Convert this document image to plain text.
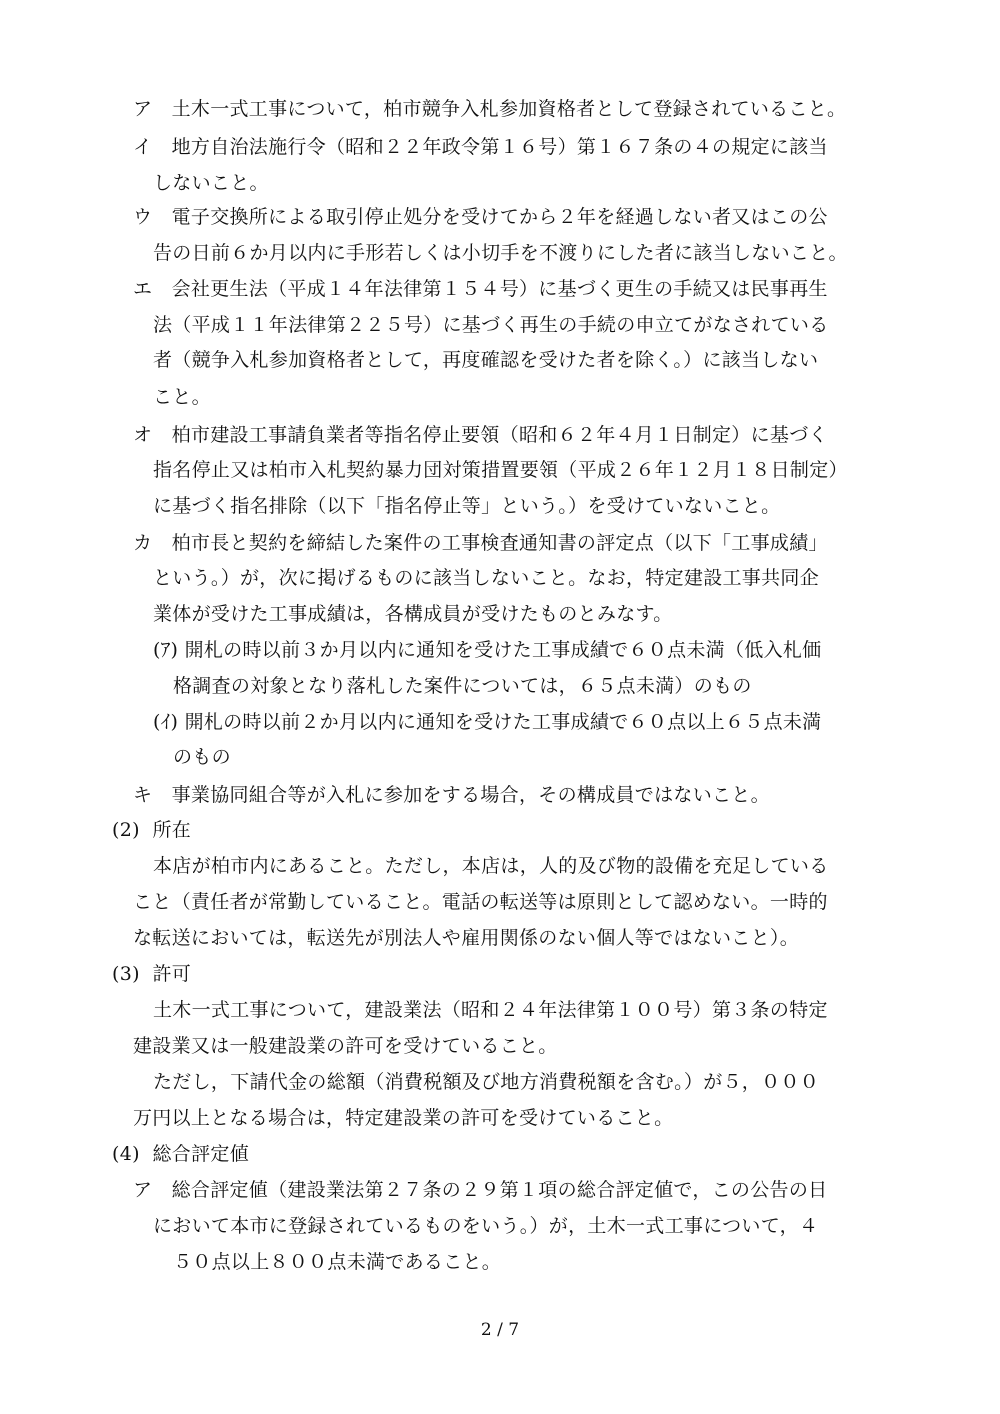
ア　土木一式工事について，柏市競争入札参加資格者として登録されていること。
イ　地方自治法施行令（昭和２２年政令第１６号）第１６７条の４の規定に該当
しないこと。
ウ　電子交換所による取引停止処分を受けてから２年を経過しない者又はこの公
告の日前６か月以内に手形若しくは小切手を不渡りにした者に該当しないこと。
エ　会社更生法（平成１４年法律第１５４号）に基づく更生の手続又は民事再生
法（平成１１年法律第２２５号）に基づく再生の手続の申立てがなされている
者（競争入札参加資格者として，再度確認を受けた者を除く。）に該当しない
こと。
オ　柏市建設工事請負業者等指名停止要領（昭和６２年４月１日制定）に基づく
指名停止又は柏市入札契約暴力団対策措置要領（平成２６年１２月１８日制定）
に基づく指名排除（以下「指名停止等」という。）を受けていないこと。
カ　柏市長と契約を締結した案件の工事検査通知書の評定点（以下「工事成績」
という。）が，次に掲げるものに該当しないこと。なお，特定建設工事共同企
業体が受けた工事成績は，各構成員が受けたものとみなす。
(ｱ) 開札の時以前３か月以内に通知を受けた工事成績で６０点未満（低入札価
格調査の対象となり落札した案件については，６５点未満）のもの
(ｲ) 開札の時以前２か月以内に通知を受けた工事成績で６０点以上６５点未満
のもの
キ　事業協同組合等が入札に参加をする場合，その構成員ではないこと。
(2)  所在
本店が柏市内にあること。ただし，本店は，人的及び物的設備を充足している
こと（責任者が常勤していること。電話の転送等は原則として認めない。一時的
な転送においては，転送先が別法人や雇用関係のない個人等ではないこと）。
(3)  許可
土木一式工事について，建設業法（昭和２４年法律第１００号）第３条の特定
建設業又は一般建設業の許可を受けていること。
ただし，下請代金の総額（消費税額及び地方消費税額を含む。）が５，０００
万円以上となる場合は，特定建設業の許可を受けていること。
(4)  総合評定値
ア　総合評定値（建設業法第２７条の２９第１項の総合評定値で，この公告の日
において本市に登録されているものをいう。）が，土木一式工事について，４
５０点以上８００点未満であること。
2 / 7
